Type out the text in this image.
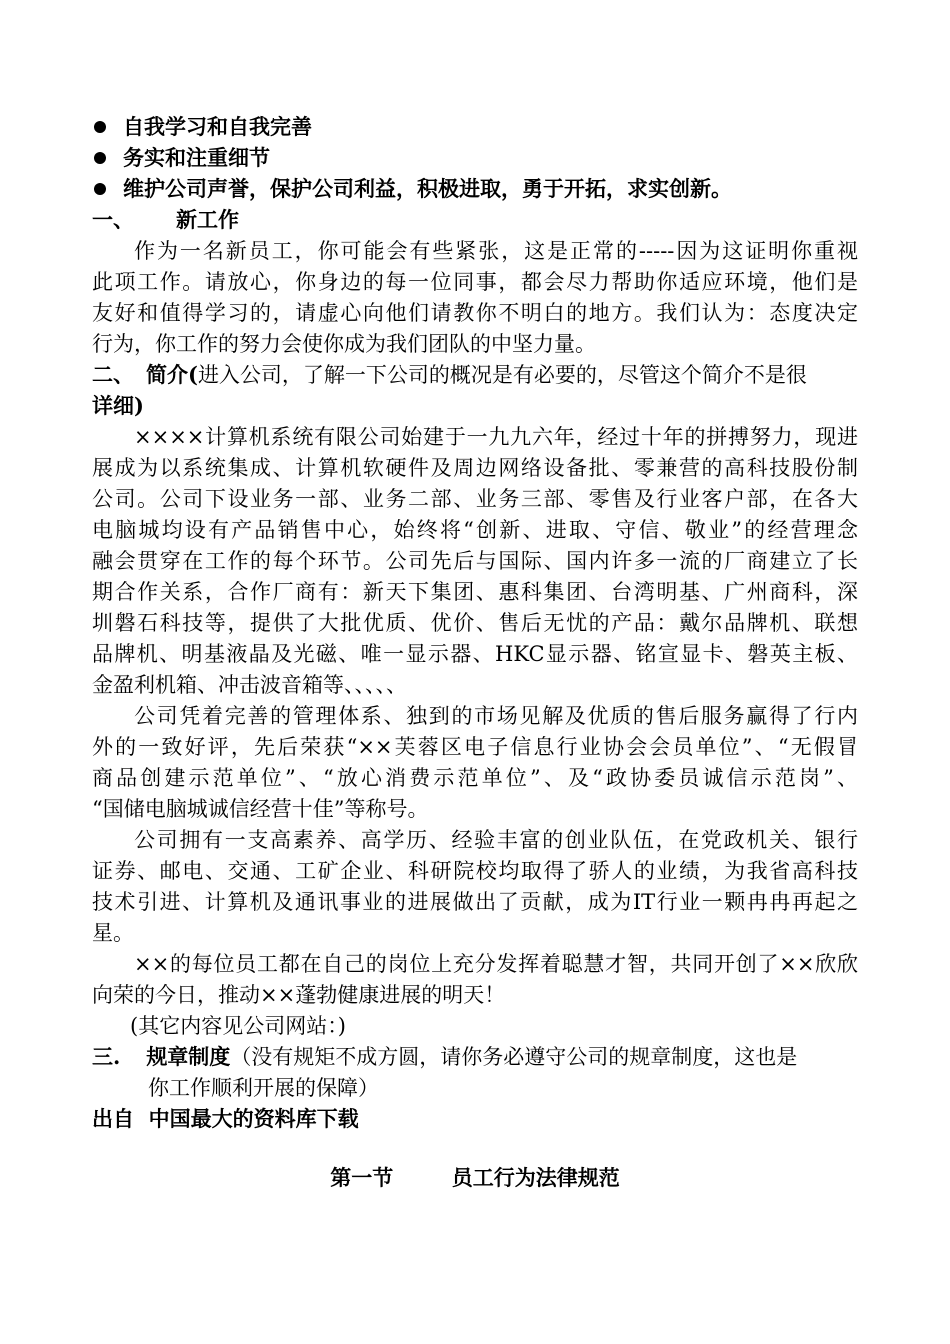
自我学习和自我完善
务实和注重细节
维护公司声誉，保护公司利益，积极进取，勇于开拓，求实创新。
一、 新工作
作为一名新员工，你可能会有些紧张，这是正常的-----因为这证明你重视
此项工作。请放心，你身边的每一位同事，都会尽力帮助你适应环境，他们是
友好和值得学习的，请虚心向他们请教你不明白的地方。我们认为：态度决定
行为，你工作的努力会使你成为我们团队的中坚力量。
二、 简介(进入公司，了解一下公司的概况是有必要的，尽管这个简介不是很
详细)
××××计算机系统有限公司始建于一九九六年，经过十年的拼搏努力，现进
展成为以系统集成、计算机软硬件及周边网络设备批、零兼营的高科技股份制
公司。公司下设业务一部、业务二部、业务三部、零售及行业客户部，在各大
电脑城均设有产品销售中心，始终将“创新、进取、守信、敬业”的经营理念
融会贯穿在工作的每个环节。公司先后与国际、国内许多一流的厂商建立了长
期合作关系，合作厂商有：新天下集团、惠科集团、台湾明基、广州商科，深
圳磐石科技等，提供了大批优质、优价、售后无忧的产品：戴尔品牌机、联想
品牌机、明基液晶及光磁、唯一显示器、HKC显示器、铭宣显卡、磐英主板、
金盈利机箱、冲击波音箱等、、、、、
公司凭着完善的管理体系、独到的市场见解及优质的售后服务赢得了行内
外的一致好评，先后荣获“××芙蓉区电子信息行业协会会员单位”、“无假冒
商品创建示范单位”、“放心消费示范单位”、及“政协委员诚信示范岗”、
“国储电脑城诚信经营十佳”等称号。
公司拥有一支高素养、高学历、经验丰富的创业队伍，在党政机关、银行
证券、邮电、交通、工矿企业、科研院校均取得了骄人的业绩，为我省高科技
技术引进、计算机及通讯事业的进展做出了贡献，成为IT行业一颗冉冉再起之
星。
××的每位员工都在自己的岗位上充分发挥着聪慧才智，共同开创了××欣欣
向荣的今日，推动××蓬勃健康进展的明天！
(其它内容见公司网站：)
三. 规章制度（没有规矩不成方圆，请你务必遵守公司的规章制度，这也是
你工作顺利开展的保障）
出自  中国最大的资料库下载
第一节        员工行为法律规范
